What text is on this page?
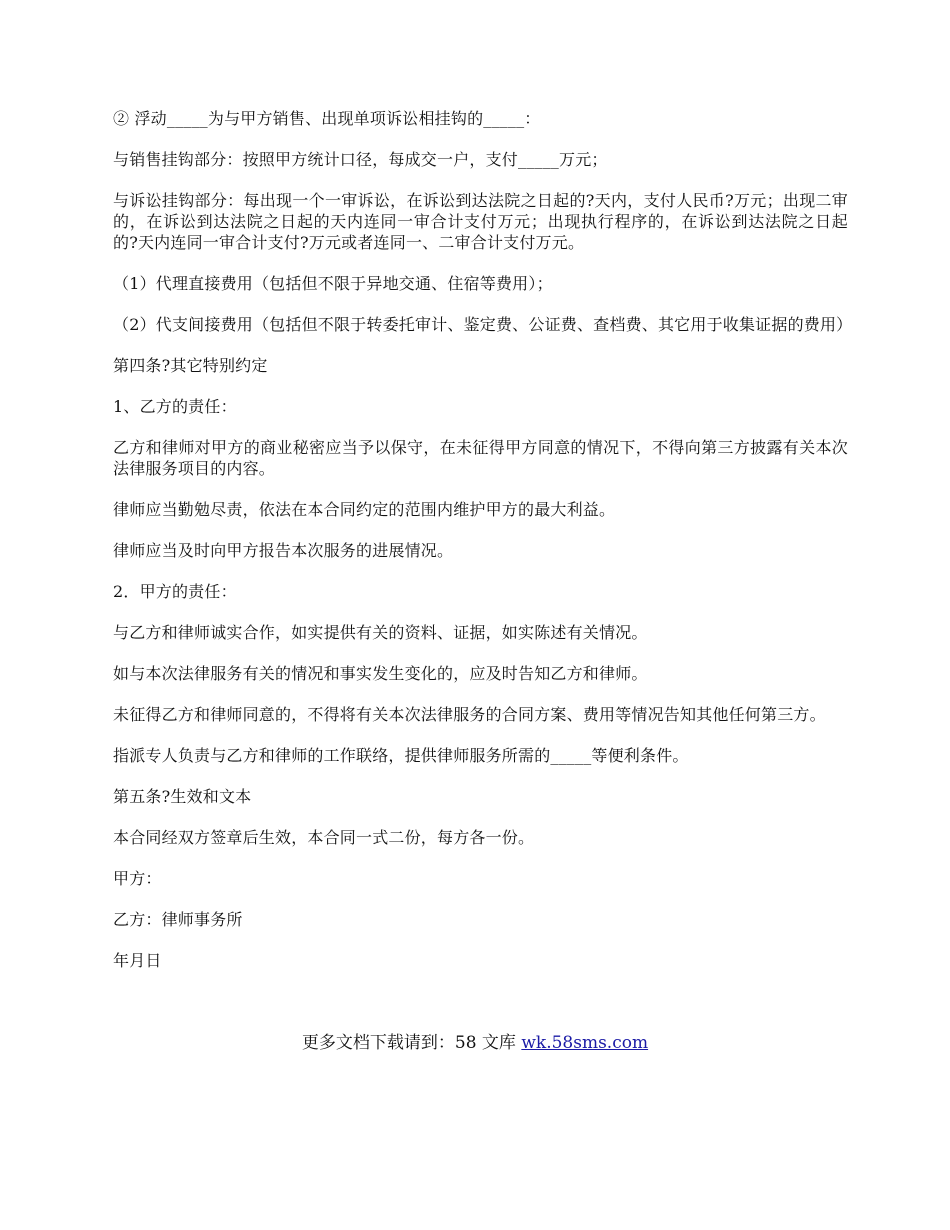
② 浮动_____为与甲方销售、出现单项诉讼相挂钩的_____：

与销售挂钩部分：按照甲方统计口径，每成交一户，支付_____万元；

与诉讼挂钩部分：每出现一个一审诉讼，在诉讼到达法院之日起的?天内，支付人民币?万元；出现二审的，在诉讼到达法院之日起的天内连同一审合计支付万元；出现执行程序的，在诉讼到达法院之日起的?天内连同一审合计支付?万元或者连同一、二审合计支付万元。

（1）代理直接费用（包括但不限于异地交通、住宿等费用）；

（2）代支间接费用（包括但不限于转委托审计、鉴定费、公证费、查档费、其它用于收集证据的费用）

第四条?其它特别约定

1、乙方的责任：

乙方和律师对甲方的商业秘密应当予以保守，在未征得甲方同意的情况下，不得向第三方披露有关本次法律服务项目的内容。

律师应当勤勉尽责，依法在本合同约定的范围内维护甲方的最大利益。

律师应当及时向甲方报告本次服务的进展情况。

2．甲方的责任：

与乙方和律师诚实合作，如实提供有关的资料、证据，如实陈述有关情况。

如与本次法律服务有关的情况和事实发生变化的，应及时告知乙方和律师。

未征得乙方和律师同意的，不得将有关本次法律服务的合同方案、费用等情况告知其他任何第三方。

指派专人负责与乙方和律师的工作联络，提供律师服务所需的_____等便利条件。

第五条?生效和文本

本合同经双方签章后生效，本合同一式二份，每方各一份。

甲方：

乙方：律师事务所

年月日

更多文档下载请到：58 文库 wk.58sms.com
